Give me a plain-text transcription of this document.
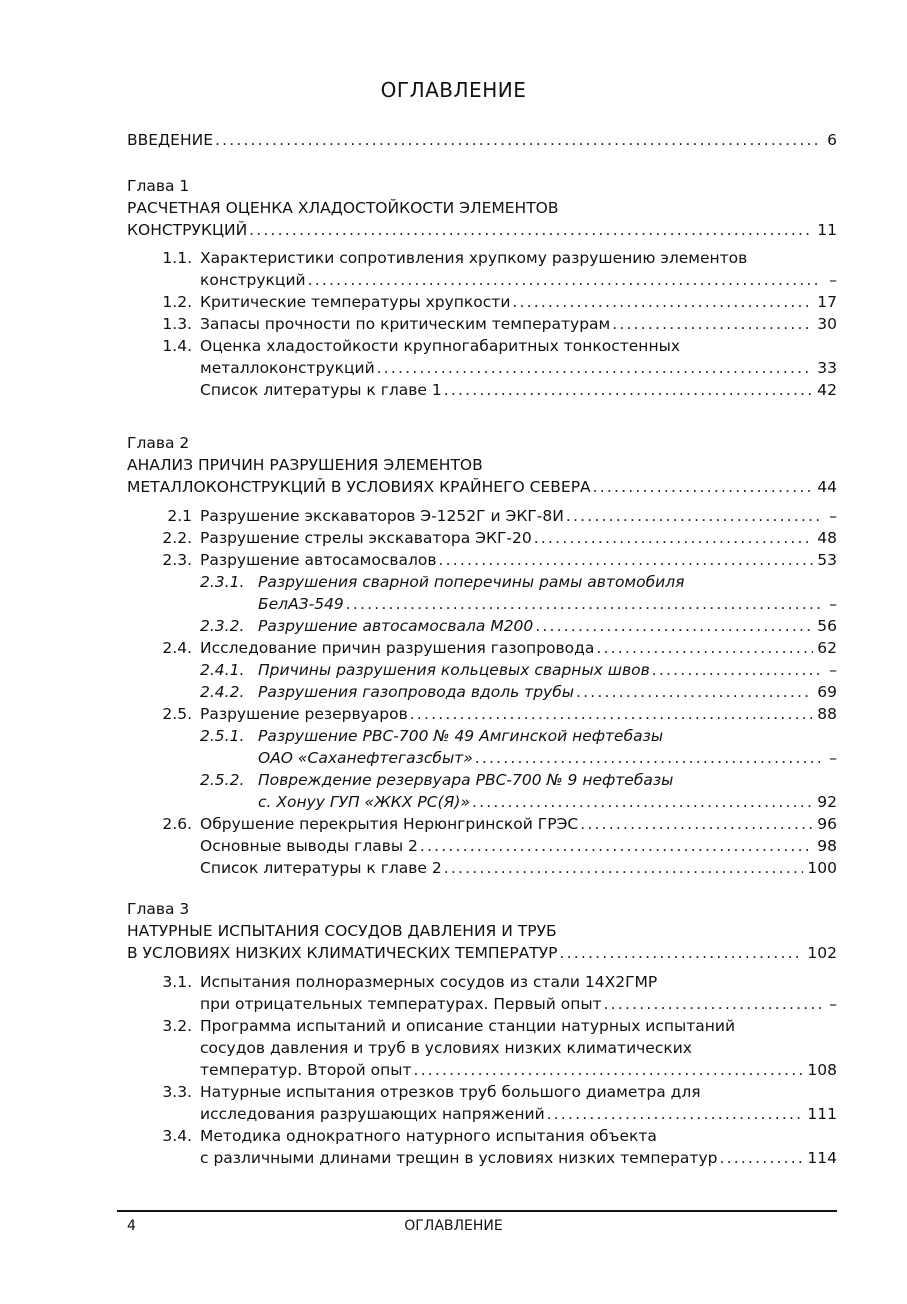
ОГЛАВЛЕНИЕ
ВВЕДЕНИЕ .....	6
Глава 1
РАСЧЕТНАЯ ОЦЕНКА ХЛАДОСТОЙКОСТИ ЭЛЕМЕНТОВ
КОНСТРУКЦИЙ .....	11
1.1. Характеристики сопротивления хрупкому разрушению элементов
конструкций .....	–
1.2. Критические температуры хрупкости .....	17
1.3. Запасы прочности по критическим температурам .....	30
1.4. Оценка хладостойкости крупногабаритных тонкостенных
металлоконструкций .....	33
Список литературы к главе 1 .....	42
Глава 2
АНАЛИЗ ПРИЧИН РАЗРУШЕНИЯ ЭЛЕМЕНТОВ
МЕТАЛЛОКОНСТРУКЦИЙ В УСЛОВИЯХ КРАЙНЕГО СЕВЕРА .....	44
2.1 Разрушение экскаваторов Э-1252Г и ЭКГ-8И .....	–
2.2. Разрушение стрелы экскаватора ЭКГ-20 .....	48
2.3. Разрушение автосамосвалов .....	53
2.3.1. Разрушения сварной поперечины рамы автомобиля
БелАЗ-549 .....	–
2.3.2. Разрушение автосамосвала М200 .....	56
2.4. Исследование причин разрушения газопровода .....	62
2.4.1. Причины разрушения кольцевых сварных швов .....	–
2.4.2. Разрушения газопровода вдоль трубы .....	69
2.5. Разрушение резервуаров .....	88
2.5.1. Разрушение РВС-700 № 49 Амгинской нефтебазы
ОАО «Саханефтегазсбыт» .....	–
2.5.2. Повреждение резервуара РВС-700 № 9 нефтебазы
с. Хонуу ГУП «ЖКХ РС(Я)» .....	92
2.6. Обрушение перекрытия Нерюнгринской ГРЭС .....	96
Основные выводы главы 2 .....	98
Список литературы к главе 2 .....	100
Глава 3
НАТУРНЫЕ ИСПЫТАНИЯ СОСУДОВ ДАВЛЕНИЯ И ТРУБ
В УСЛОВИЯХ НИЗКИХ КЛИМАТИЧЕСКИХ ТЕМПЕРАТУР .....	102
3.1. Испытания полноразмерных сосудов из стали 14Х2ГМР
при отрицательных температурах. Первый опыт .....	–
3.2. Программа испытаний и описание станции натурных испытаний
сосудов давления и труб в условиях низких климатических
температур. Второй опыт .....	108
3.3. Натурные испытания отрезков труб большого диаметра для
исследования разрушающих напряжений .....	111
3.4. Методика однократного натурного испытания объекта
с различными длинами трещин в условиях низких температур .....	114
4	ОГЛАВЛЕНИЕ
